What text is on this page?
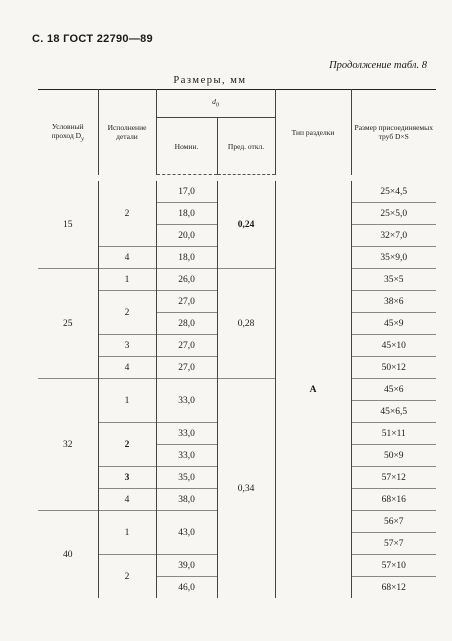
С. 18 ГОСТ 22790—89
Продолжение табл. 8
Размеры, мм
Условный проход $D_у$	Исполнение детали	$d_0$		Тип разделки	Размер присоединяемых труб D×S
		Номин.	Пред. откл.		

15	2	17,0	0,24	А	25×4,5
		18,0			25×5,0
		20,0			32×7,0
	4	18,0			35×9,0
25	1	26,0	0,28		35×5
	2	27,0			38×6
		28,0			45×9
	3	27,0			45×10
	4	27,0			50×12
32	1	33,0	0,34		45×6
					45×6,5
	2	33,0			51×11
		33,0			50×9
	3	35,0			57×12
	4	38,0			68×16
40	1	43,0			56×7
					57×7
	2	39,0			57×10
		46,0			68×12
